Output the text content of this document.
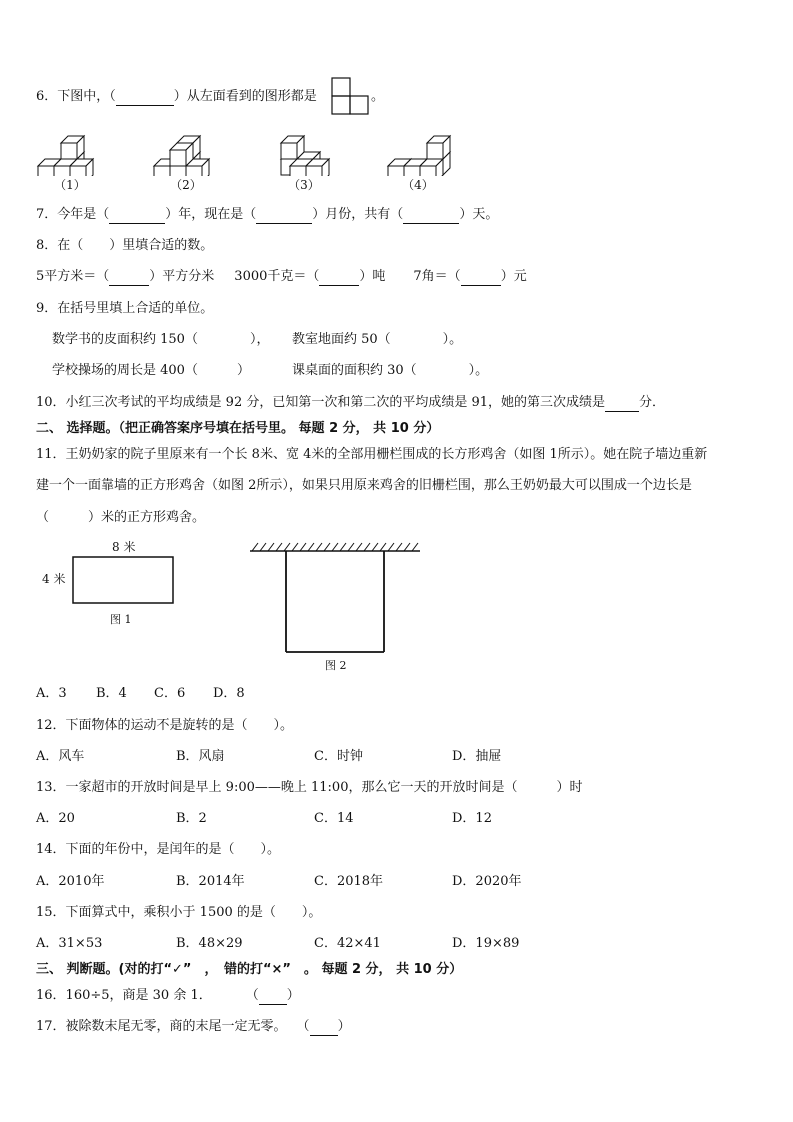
6．下图中，（	）从左面看到的图形都是	。
（1）	（2）	（3）	（4）
7．今年是（	）年，现在是（	）月份，共有（	）天。
8．在（　　）里填合适的数。
5平方米＝（	）平方分米 3000千克＝（	）吨 7角＝（	）元
9．在括号里填上合适的单位。
数学书的皮面积约 150（　　　　）， 教室地面约 50（　　　　）。
学校操场的周长是 400（　　　）	课桌面的面积约 30（　　　　）。
10．小红三次考试的平均成绩是 92 分，已知第一次和第二次的平均成绩是 91，她的第三次成绩是	分．
二、 选择题。（把正确答案序号填在括号里。 每题 2 分， 共 10 分）
11．王奶奶家的院子里原来有一个长 8米、宽 4米的全部用栅栏围成的长方形鸡舍（如图 1所示）。她在院子墙边重新
建一个一面靠墙的正方形鸡舍（如图 2所示），如果只用原来鸡舍的旧栅栏围，那么王奶奶最大可以围成一个边长是
（　　　）米的正方形鸡舍。
8 米
4 米
图 1
图 2
A．3 B．4 C．6 D．8
12．下面物体的运动不是旋转的是（　　）。
A．风车	B．风扇	C．时钟	D．抽屉
13．一家超市的开放时间是早上 9:00——晚上 11:00，那么它一天的开放时间是（　　　）时
A．20	B．2	C．14	D．12
14．下面的年份中，是闰年的是（　　）。
A．2010年	B．2014年	C．2018年	D．2020年
15．下面算式中，乘积小于 1500 的是（　　）。
A．31×53	B．48×29	C．42×41	D．19×89
三、 判断题。(对的打“✓”　，　错的打“×”　。 每题 2 分， 共 10 分）
16．160÷5，商是 30 余 1．	（ ）
17．被除数末尾无零，商的末尾一定无零。 （ ）
